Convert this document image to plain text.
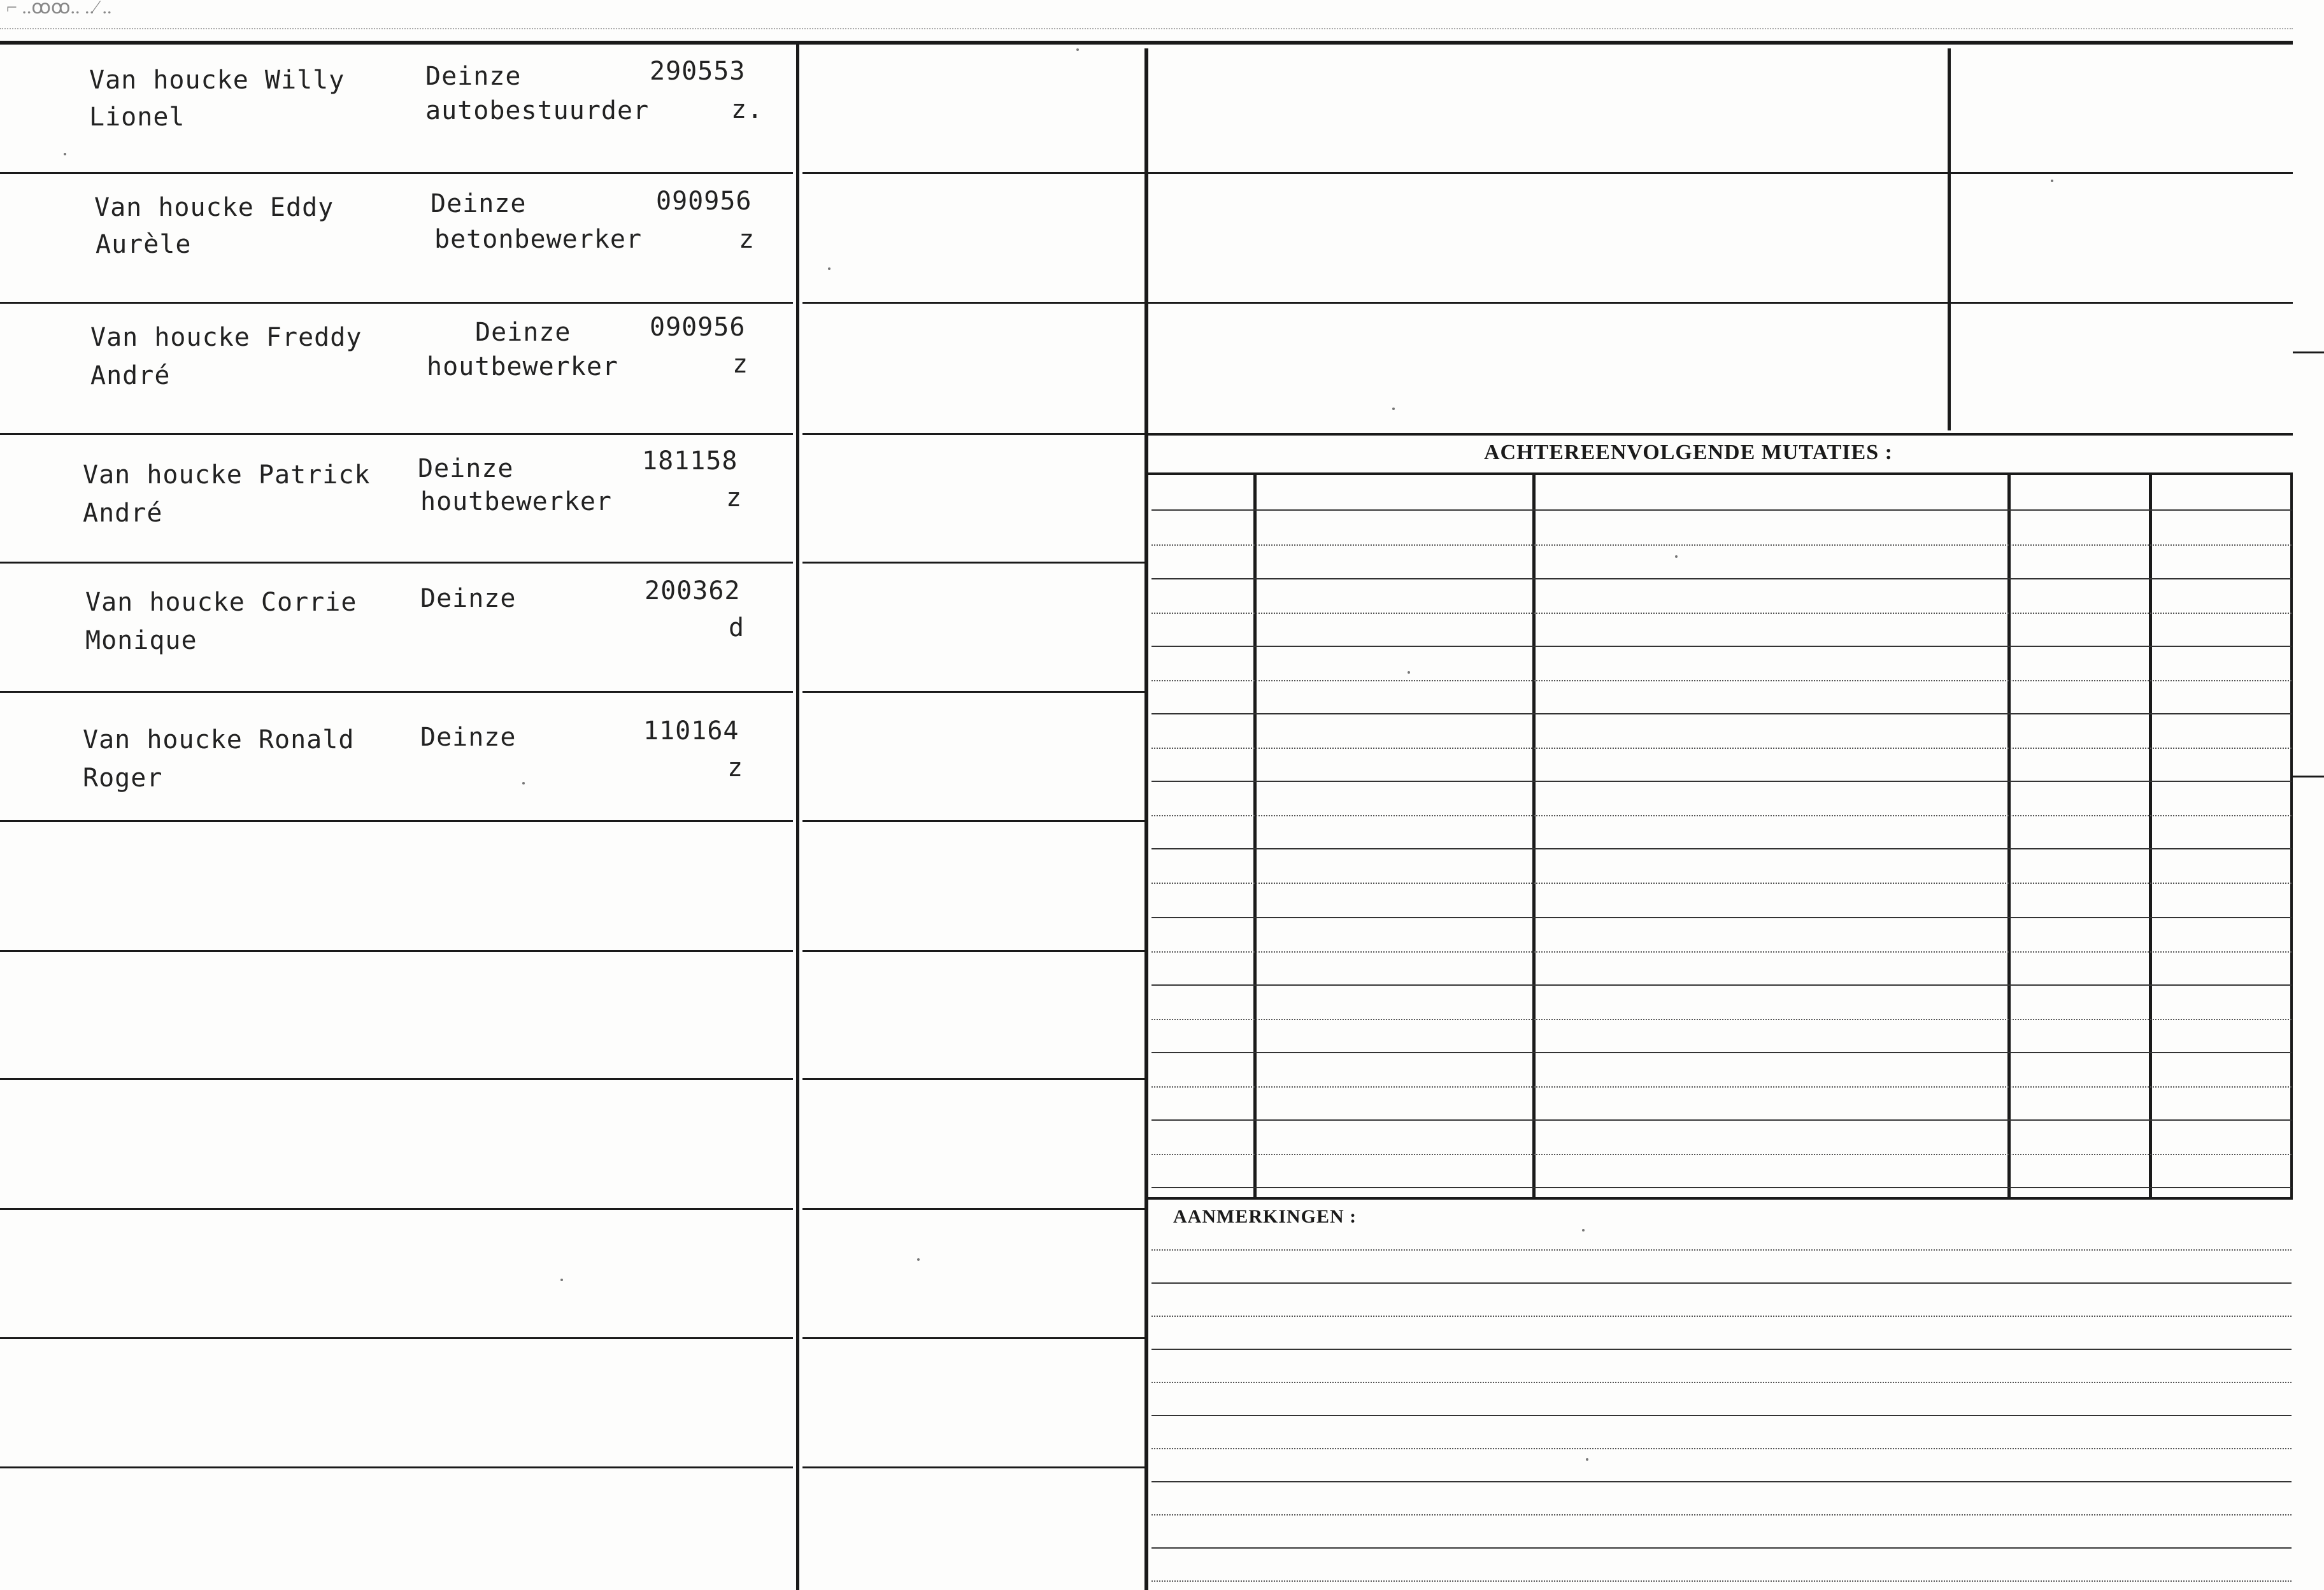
⌐ ..ꝏꝏ.. ..⁄ ..
Van houcke Willy
Lionel
Deinze
autobestuurder
290553
z.
Van houcke Eddy
Aurèle
Deinze
betonbewerker
090956
z
Van houcke Freddy
André
Deinze
houtbewerker
090956
z
Van houcke Patrick
André
Deinze
houtbewerker
181158
z
Van houcke Corrie
Monique
Deinze	200362
d
Van houcke Ronald
Roger
Deinze	110164
z
ACHTEREENVOLGENDE MUTATIES :
AANMERKINGEN :
